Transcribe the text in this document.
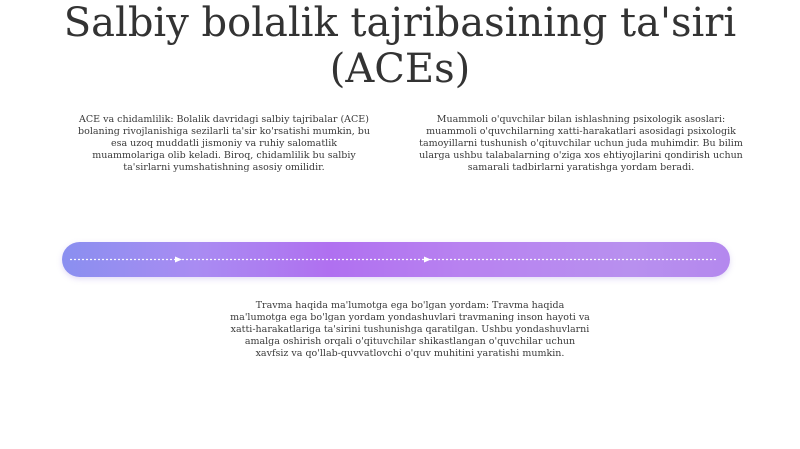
Salbiy bolalik tajribasining ta'siri (ACEs)
ACE va chidamlilik: Bolalik davridagi salbiy tajribalar (ACE) bolaning rivojlanishiga sezilarli ta'sir ko'rsatishi mumkin, bu esa uzoq muddatli jismoniy va ruhiy salomatlik muammolariga olib keladi. Biroq, chidamlilik bu salbiy ta'sirlarni yumshatishning asosiy omilidir.
Muammoli o'quvchilar bilan ishlashning psixologik asoslari: muammoli o'quvchilarning xatti-harakatlari asosidagi psixologik tamoyillarni tushunish o'qituvchilar uchun juda muhimdir. Bu bilim ularga ushbu talabalarning o'ziga xos ehtiyojlarini qondirish uchun samarali tadbirlarni yaratishga yordam beradi.
Travma haqida ma'lumotga ega bo'lgan yordam: Travma haqida ma'lumotga ega bo'lgan yordam yondashuvlari travmaning inson hayoti va xatti-harakatlariga ta'sirini tushunishga qaratilgan. Ushbu yondashuvlarni amalga oshirish orqali o'qituvchilar shikastlangan o'quvchilar uchun xavfsiz va qo'llab-quvvatlovchi o'quv muhitini yaratishi mumkin.
